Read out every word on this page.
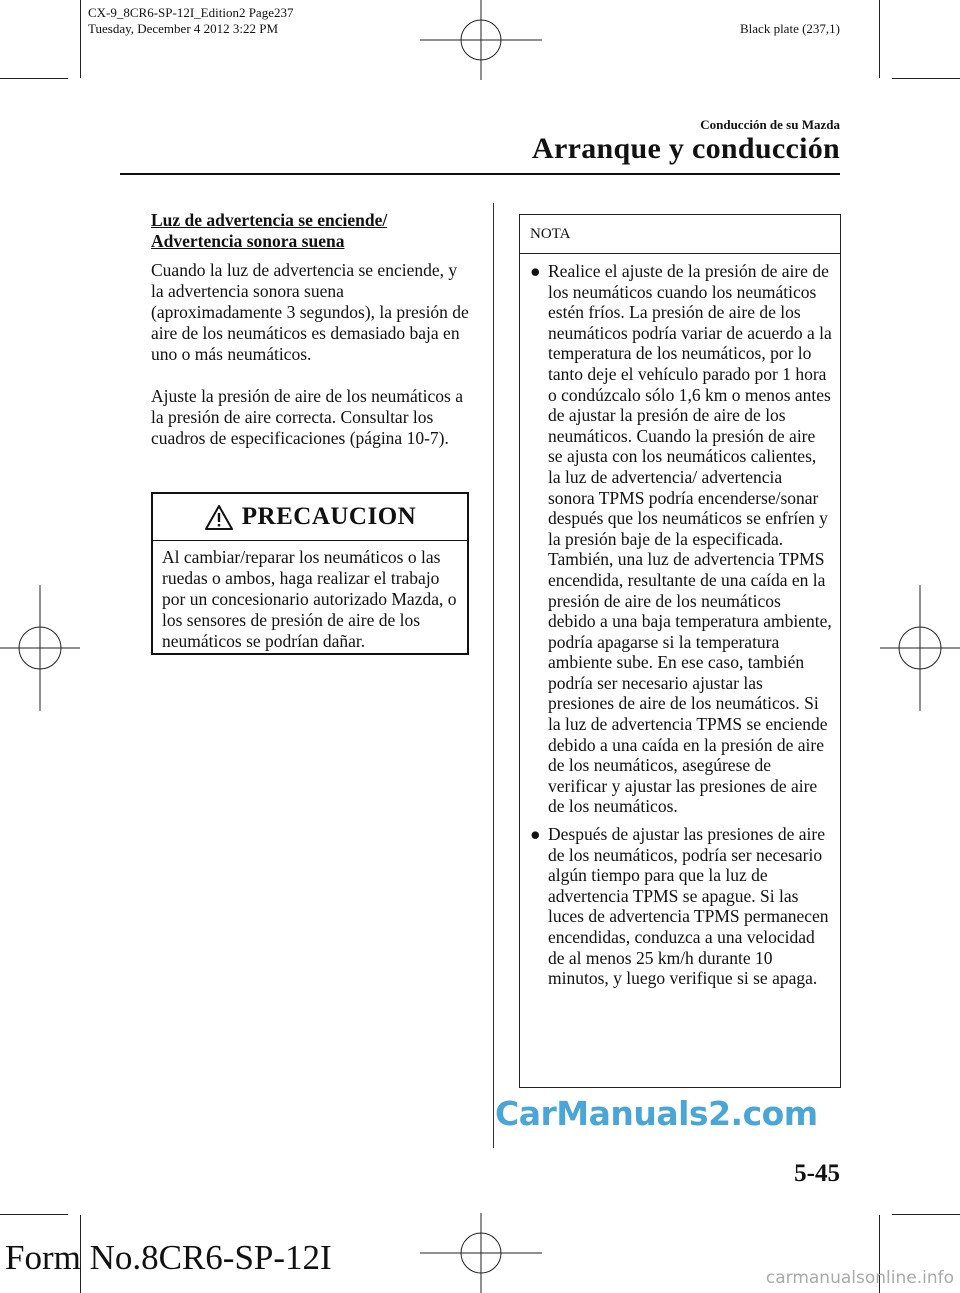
CX-9_8CR6-SP-12I_Edition2 Page237
Tuesday, December 4 2012 3:22 PM	Black plate (237,1)
Conducción de su Mazda
Arranque y conducción
Luz de advertencia se enciende/
Advertencia sonora suena

Cuando la luz de advertencia se enciende, y la advertencia sonora suena (aproximadamente 3 segundos), la presión de aire de los neumáticos es demasiado baja en uno o más neumáticos.

Ajuste la presión de aire de los neumáticos a la presión de aire correcta. Consultar los cuadros de especificaciones (página 10-7).

PRECAUCION
Al cambiar/reparar los neumáticos o las ruedas o ambos, haga realizar el trabajo por un concesionario autorizado Mazda, o los sensores de presión de aire de los neumáticos se podrían dañar.
NOTA
● Realice el ajuste de la presión de aire de los neumáticos cuando los neumáticos estén fríos. La presión de aire de los neumáticos podría variar de acuerdo a la temperatura de los neumáticos, por lo tanto deje el vehículo parado por 1 hora o condúzcalo sólo 1,6 km o menos antes de ajustar la presión de aire de los neumáticos. Cuando la presión de aire se ajusta con los neumáticos calientes, la luz de advertencia/ advertencia sonora TPMS podría encenderse/sonar después que los neumáticos se enfríen y la presión baje de la especificada.
También, una luz de advertencia TPMS encendida, resultante de una caída en la presión de aire de los neumáticos debido a una baja temperatura ambiente, podría apagarse si la temperatura ambiente sube. En ese caso, también podría ser necesario ajustar las presiones de aire de los neumáticos. Si la luz de advertencia TPMS se enciende debido a una caída en la presión de aire de los neumáticos, asegúrese de verificar y ajustar las presiones de aire de los neumáticos.
● Después de ajustar las presiones de aire de los neumáticos, podría ser necesario algún tiempo para que la luz de advertencia TPMS se apague. Si las luces de advertencia TPMS permanecen encendidas, conduzca a una velocidad de al menos 25 km/h durante 10 minutos, y luego verifique si se apaga.
CarManuals2.com
5-45
Form No.8CR6-SP-12I
carmanualsonline.info
